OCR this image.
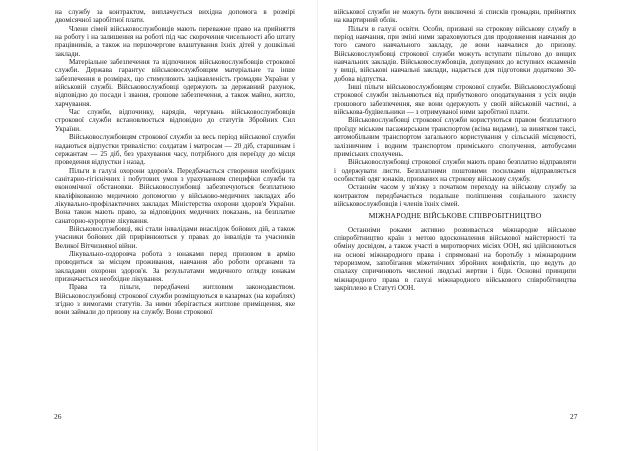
на службу за контрактом, виплачується вихідна допомога в розмірі двомісячної заробітної плати.

Члени сімей військовослужбовців мають переважне право на прийняття на роботу і на залишення на роботі під час скорочення чисельності або штату працівників, а також на першочергове влаштування їхніх дітей у дошкільні заклади.

Матеріальне забезпечення та відпочинок військовослужбовців строкової служби. Держава гарантує військовослужбовцям матеріальне та інше забезпечення в розмірах, що стимулюють зацікавленість громадян України у військовій службі. Військовослужбовці одержують за державний рахунок, відповідно до посади і звання, грошове забезпечення, а також майно, житло, харчування.

Час служби, відпочинку, нарядів, чергувань військовослужбовців строкової служби встановлюється відповідно до статутів Збройних Сил України.

Військовослужбовцям строкової служби за весь період військової служби надаються відпустки тривалістю: солдатам і матросам — 20 діб, старшинам і сержантам — 25 діб, без урахування часу, потрібного для переїзду до місця проведення відпустки і назад.

Пільги в галузі охорони здоров'я. Передбачається створення необхідних санітарно-гігієнічних і побутових умов з урахуванням специфіки служби та економічної обстановки. Військовослужбовці забезпечуються безплатною кваліфікованою медичною допомогою у військово-медичних закладах або лікувально-профілактичних закладах Міністерства охорони здоров'я України. Вона також мають право, за відповідних медичних показань, на безплатне санаторно-курортне лікування.

Військовослужбовці, які стали інвалідами внаслідок бойових дій, а також учасники бойових дій прирівнюються у правах до інвалідів та учасників Великої Вітчизняної війни.

Лікувально-оздоровча робота з юнаками перед призовом в армію проводиться за місцем проживання, навчання або роботи органами та закладами охорони здоров'я. За результатами медичного огляду юнакам призначається необхідне лікування.

Права та пільги, передбачені житловим законодавством. Військовослужбовці строкової служби розміщуються в казармах (на кораблях) згідно з вимогами статутів. За ними зберігається житлове приміщення, яке вони займали до призову на службу. Вони строкової

26

військової служби не можуть бути виключені зі списків громадян, прийнятих на квартирний облік.

Пільги в галузі освіти. Особи, призвані на строкову військову службу в період навчання, при зміні ними зараховуються для продовження навчання до того самого навчального закладу, де вони навчалися до призову. Військовослужбовці строкової служби можуть вступати пільгово до вищих навчальних закладів. Військовослужбовців, допущених до вступних екзаменів у вищі, військові навчальні заклади, надається для підготовки додатково 30-добова відпустка.

Інші пільги військовослужбовцям строкової служби. Військовослужбовці строкової служби звільняються від прибуткового оподаткування з усіх видів грошового забезпечення, яке вони одержують у своїй військовій частині, а військова-будівельники — з отримуваної ними заробітної плати.

Військовослужбовці строкової служби користуються правом безплатного проїзду міським пасажирським транспортом (всіма видами), за винятком таксі, автомобільним транспортом загального користування у сільській місцевості, залізничним і водним транспортом приміського сполучення, автобусами приміських сполучень.

Військовослужбовці строкової служби мають право безплатно відправляти і одержувати листи. Безплатними поштовими посилками відправляється особистий одяг юнаків, призваних на строкову військову службу.

Останнім часом у зв'язку з початком переходу на військову службу за контрактом передбачається подальше поліпшення соціального захисту військовослужбовців і членів їхніх сімей.

МІЖНАРОДНЕ ВІЙСЬКОВЕ СПІВРОБІТНИЦТВО

Останніми роками активно розвивається міжнародне військове співробітництво країн з метою вдосконалення військової майстерності та обміну досвідом, а також участі в миротворчих місіях ООН, які здійснюються на основі міжнародного права і спрямовані на боротьбу з міжнародним тероризмом, запобігання міжетнічних збройних конфліктів, що ведуть до спалаху спричиняють численні людські жертви і біди. Основні принципи міжнародного права в галузі міжнародного військового співробітництва закріплено в Статуті ООН.

27
